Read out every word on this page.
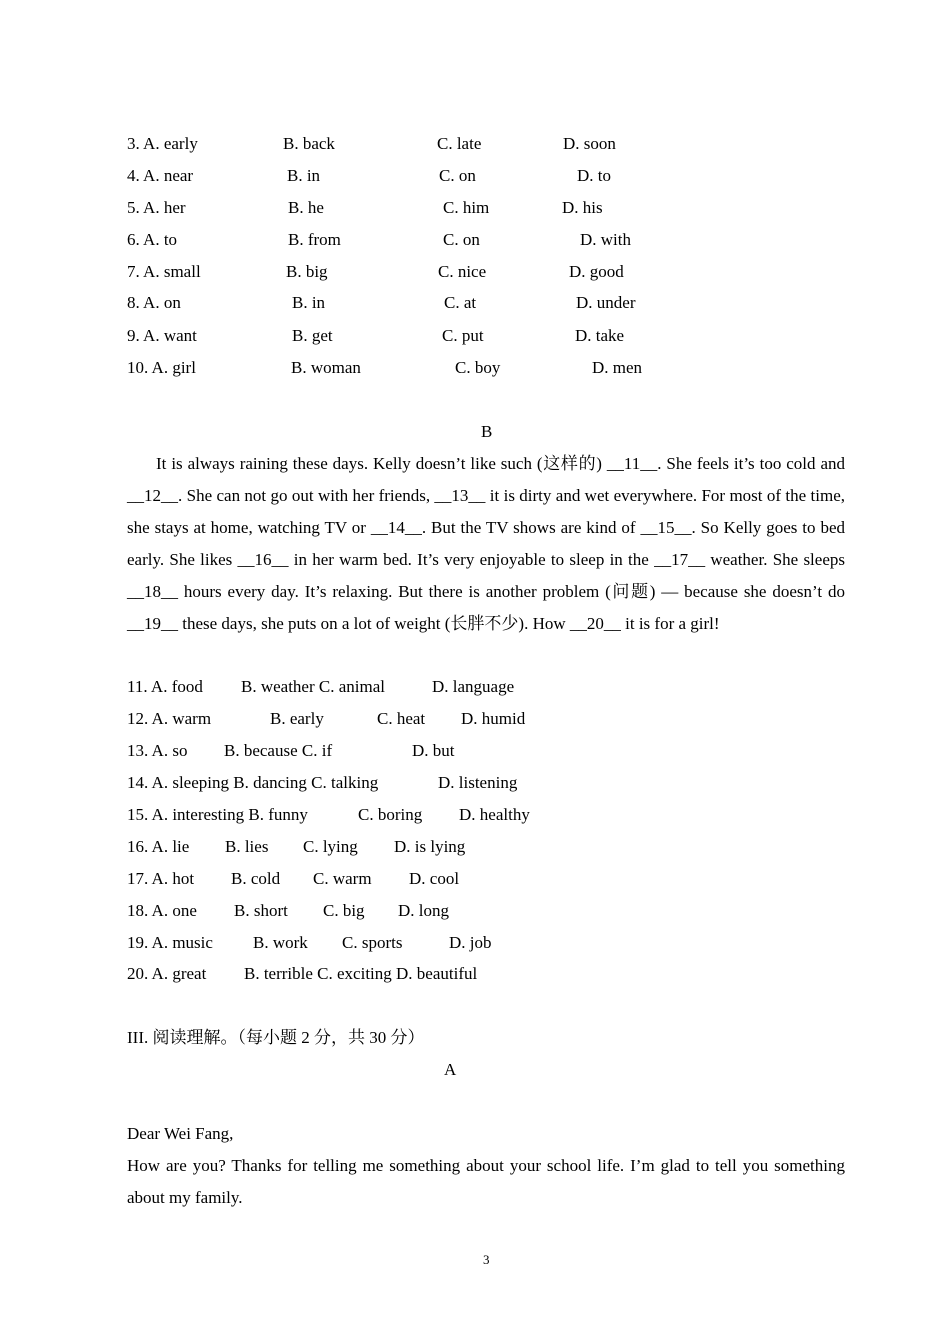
3. A. early	B. back	C. late	D. soon
4. A. near	B. in	C. on	D. to
5. A. her	B. he	C. him	D. his
6. A. to	B. from	C. on	D. with
7. A. small	B. big	C. nice	D. good
8. A. on	B. in	C. at	D. under
9. A. want	B. get	C. put	D. take
10. A. girl	B. woman	C. boy	D. men
B

It is always raining these days. Kelly doesn’t like such (这样的) __11__. She feels it’s too cold and __12__. She can not go out with her friends, __13__ it is dirty and wet everywhere. For most of the time, she stays at home, watching TV or __14__. But the TV shows are kind of __15__. So Kelly goes to bed early. She likes __16__ in her warm bed. It’s very enjoyable to sleep in the __17__ weather. She sleeps __18__ hours every day. It’s relaxing. But there is another problem (问题) — because she doesn’t do __19__ these days, she puts on a lot of weight (长胖不少). How __20__ it is for a girl!

11. A. food B. weather C. animal	D. language
12. A. warm	B. early	C. heat D. humid
13. A. so B. because C. if	D. but
14. A. sleeping B. dancing C. talking	D. listening
15. A. interesting B. funny	C. boring D. healthy
16. A. lie B. lies C. lying D. is lying
17. A. hot B. cold C. warm D. cool
18. A. one B. short C. big D. long
19. A. music B. work C. sports	D. job
20. A. great B. terrible C. exciting D. beautiful
III. 阅读理解。（每小题 2 分，共 30 分）
A
Dear Wei Fang,

How are you? Thanks for telling me something about your school life. I’m glad to tell you something about my family.

3
